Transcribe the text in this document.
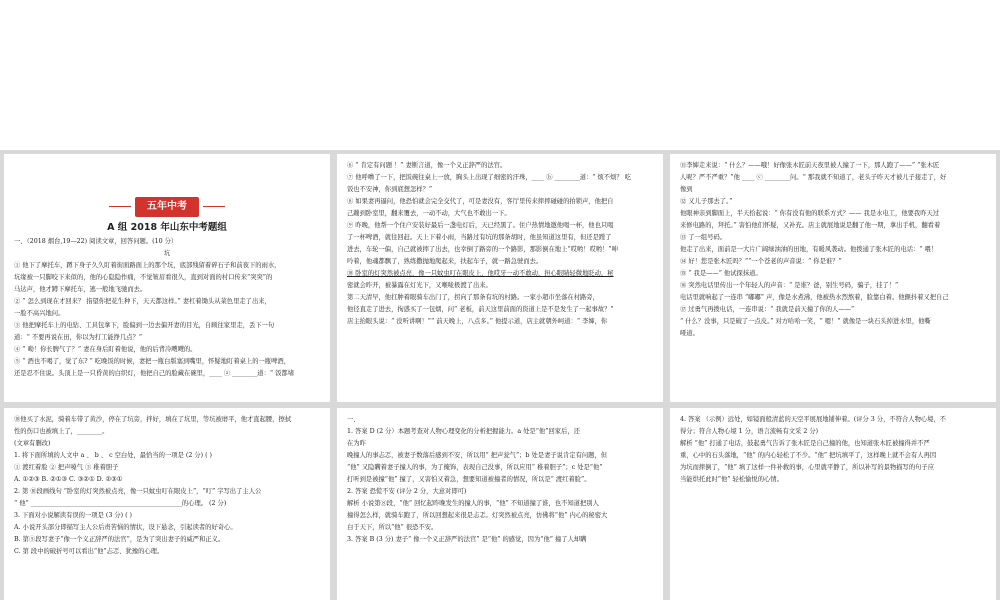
五年中考
A 组 2018 年山东中考题组
一、（2018 烟台,19—22) 阅读文章，回答问题。(10 分）
坑
① 他下了摩托车，蹲下身子久久盯着街面路面上的那个坑，底部残留着碎石子和前夜下的雨水，
坑缘被一只脚咬下来似的，他的心隐隐作痛，不觉皱眉看很久，直到对面的村口传来“突突”的
马达声，他才蹲下摩托车，逃一般地飞驰而去。
② “ 怎么到现在才回来？ 指望你把花生种下，天天都这样。” 妻杠着锄头从菜色里走了出来，
一脸不高兴地问。
③ 他把摩托车上的电钻、工具包拿下，脸偏到一边去偏开妻的目光，自顾往家里走，丢下一句
道：“ 不要再说在田，你以为打工能挣几点？”
④ “ 呦！你长脾气了？” 妻在身后盯着他说，他的后背冷飕飕的。
⑤ “ 酒也不喝了，觉了东? ” 吃晚饭的时候，妻把一瓶白版塞到嘴里，怀疑地盯着桌上的一瓶啤酒，
还是忍不住说。头顶上是一只昏黄的白织灯，他把自己的脸藏在碗里，____ ⓐ ________道：“ 饭都堵
⑥ “ 肯定有问题 ！” 妻断言道，像一个义正辞严的法官。
⑦ 他呼噜了一下，把饭碗往桌上一放，胸头上出现了细密的汗珠，____ ⓑ ________道：“ 烦不烦？ 吃
饭也不安神，你到底想怎样？”
⑧ 如果妻再逼问，他恐怕就会完全交代了，可是妻没有，客厅里传来摔摔碰碰的拍锁声，他把自
己蹦到卧室里，翻来覆去，一动不动，大气也不敢出一下。
⑨ 昨晚，他帮一个住户安装好最后一盏电灯后，天已经黑了。住户热情地邀他喝一杯，他也只喝
了一杯啤酒，就往回赶。天上下着小雨，当路过有坑的那条胡时，他虽知道这里有，但还是蹚了
进去，车轮一偏，自己就被摔了出去，也幸倒了路旁的一个路影，那影倒在地上“哎哟！哎哟！”呻
吟着，他魂都飘了，熟练撒抛地爬起来，扶起车子，就一路急驶而去。
⑩ 卧室的灯突然被点亮，像一只蚊虫叮在眼皮上，他哎牙一动不敢动，担心眼睛轻微地眨动，秘
密就会昨开，被暴露在灯光下，又喉咙极渡了出来。
第二天清早，他扛肿着眼骑车出门了，拐向了那条有坑的村路。一家小超市坐落在村路旁，
他径直走了进去，拘惑买了一包烟，问“ 老板，前天这里前面的资道上是不是发生了一起事故？”
店主抬眼头说：“ 没听讲啊！”“ 前天晚上，八点多。” 他提示道，店主就朝外呵道：“ 李婶，你
⑪李婶走来说：“ 什么？——哦！好像张木匠前天夜里被人撞了一下，那人跑了——” “张木匠
人呢？严不严重？”他 ____ ⓒ ________问。“ 那我就不知道了，老头子昨天才被儿子接走了，好
像到
⑫ 又儿子那去了。”
他眼神亲到脚面上，半天拾起说：“ 你有没有他的联系方式？—— 我是水电工，他要我昨天过
来修电路的，拜托。” 害怕他们怀疑，又补充。店主就展地说是翻了他一期，拿出手机，翻看着
⑬ 了一组号码。
他走了出来，面前是一大片广阔绿油油的田地，有暖风袭动。他拨通了张木匠的电话：“ 喂！
⑭ 好！您是张木匠吗？”“一个苍老的声音说：“ 你是谁？”
⑮ “ 我是——” 他试探抹道。
⑯ 突然电话里传出一个年轻人的声音：“ 是谁？爸，别生号码，骗子，挂了！”
电话里就响起了一连串 “嘟嘟” 声，像是水煮沸，他被热水烈熬着，脸靠白着。他颤抖着又把自己
⑰ 过勇气再拨电话，一连串说：“ 我就是前天撞了你的人——”
“ 什么？没事，只是破了一点皮。” 对方哈哈一笑，“ 嗯！” 就像是一块石头掉进水里，他嘶
哑道。
⑱他买了水泥，骑着车带了黄沙，停在了坑旁，拌好，填在了坑里，等坑被磨平，他才直起腰，擦拭
性的伤口也被填上了，________。
(文章有删改)
1. 将下面所填的人文中 a 、 b 、 c 空白处，最恰当的一项是 (2 分) ( )
① 渡红着脸 ② 把声嗓气 ③ 稚着胆子
A. ①②③ B. ②①③ C. ③②① D. ②③①
2. 第 ⑩段画线句 “卧室的灯突然被点亮，像一只蚊虫叮在眼皮上”，“叮” 字写出了主人公
“ 他” ________________________________________________的心理。 (2 分)
3. 下面对小说解读有误的一项是 (3 分) ( )
A. 小说开头部分即描写主人公后责苦恼的情状，设下悬念，引起读者的好奇心。
B. 第⑤段写妻子“像一个义正辞严的法官”，是为了突出妻子的威严和正义。
C. 第 段中的破折号可以看出“他”忐忑、犹豫的心理。
一、
1. 答案 D (2 分）本题考查对人物心理变化的分析把握能力。a 处是“他”回家后，还
在为昨
晚撞人的事忐忑，被妻子数落后感到不安，所以用“ 把声瓮气”；b 处是妻子说肯定有问题，但
“他” 又隐瞒着妻子撞人的事，为了掩饰，表现自己没事，所以应用“ 稚着胆子”；c 处是“他”
打听到是被撞“他” 撞了，又害怕又着急，想要知道被撞者的情况，所以是“ 渡红着脸”。
2. 答案 恐慌不安 (评分 2 分，大意对即可)
解析 小说第⑧段，“他” 回忆起昨晚发生的撞人的事，“他” 不知道撞了谁，也不知道把别人
撞得怎么样，就骑车跑了，所以回想起来很是忐忑。灯突然被点亮，仿佛将“他” 内心的秘密大
白于天下，所以“他” 很恐不安。
3. 答案 B (3 分) 妻子“ 像一个义正辞严的法官” 是“他” 的感觉，因为“他” 撞了人却瞒
4. 答案 （示例）远处，如镜面般清蓝的天空平展展地铺伸着。(评分 3 分，不符合人物心境，不
得分；符合人物心境 1 分，语言流畅有文采 2 分)
解析 “他” 打通了电话，鼓起勇气告诉了张木匠是自己撞的他，也知道张木匠被撞得并不严
重，心中的石头落地，“他” 的内心轻松了不少。“他” 把坑填平了，这样晚上就不会有人再因
为坑而摔倒了，“他” 填了这样一件补救的事，心里就平静了，所以补写的景物描写的句子应
当能烘托此时“他” 轻松愉悦的心情。
